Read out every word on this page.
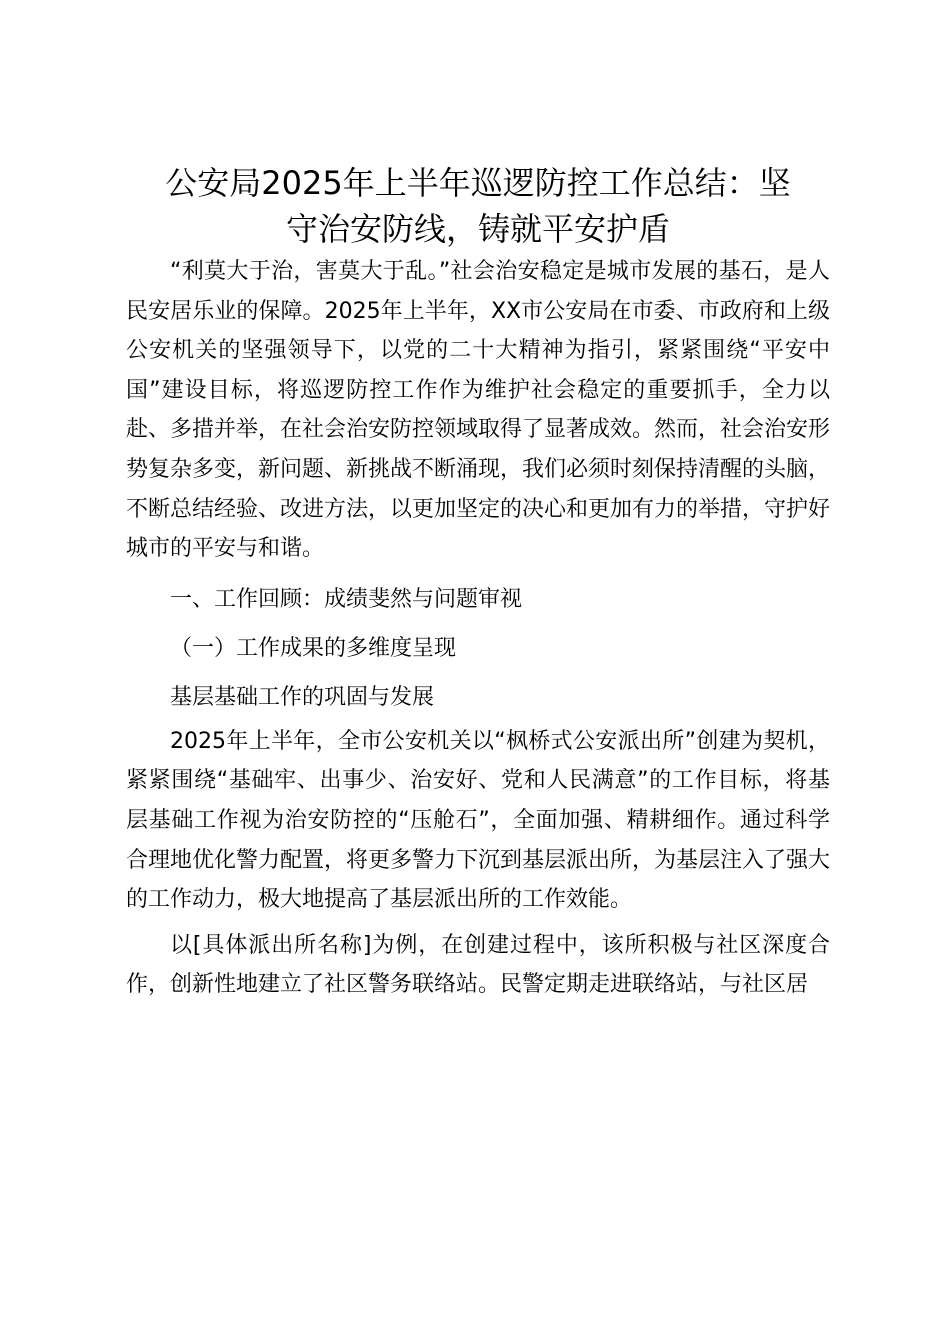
公安局2025年上半年巡逻防控工作总结：坚
守治安防线，铸就平安护盾

“利莫大于治，害莫大于乱。”社会治安稳定是城市发展的基石，是人民安居乐业的保障。2025年上半年，XX市公安局在市委、市政府和上级公安机关的坚强领导下，以党的二十大精神为指引，紧紧围绕“平安中国”建设目标，将巡逻防控工作作为维护社会稳定的重要抓手，全力以赴、多措并举，在社会治安防控领域取得了显著成效。然而，社会治安形势复杂多变，新问题、新挑战不断涌现，我们必须时刻保持清醒的头脑，不断总结经验、改进方法，以更加坚定的决心和更加有力的举措，守护好城市的平安与和谐。

一、工作回顾：成绩斐然与问题审视

（一）工作成果的多维度呈现

基层基础工作的巩固与发展

2025年上半年，全市公安机关以“枫桥式公安派出所”创建为契机，紧紧围绕“基础牢、出事少、治安好、党和人民满意”的工作目标，将基层基础工作视为治安防控的“压舱石”，全面加强、精耕细作。通过科学合理地优化警力配置，将更多警力下沉到基层派出所，为基层注入了强大的工作动力，极大地提高了基层派出所的工作效能。

以[具体派出所名称]为例，在创建过程中，该所积极与社区深度合作，创新性地建立了社区警务联络站。民警定期走进联络站，与社区居
